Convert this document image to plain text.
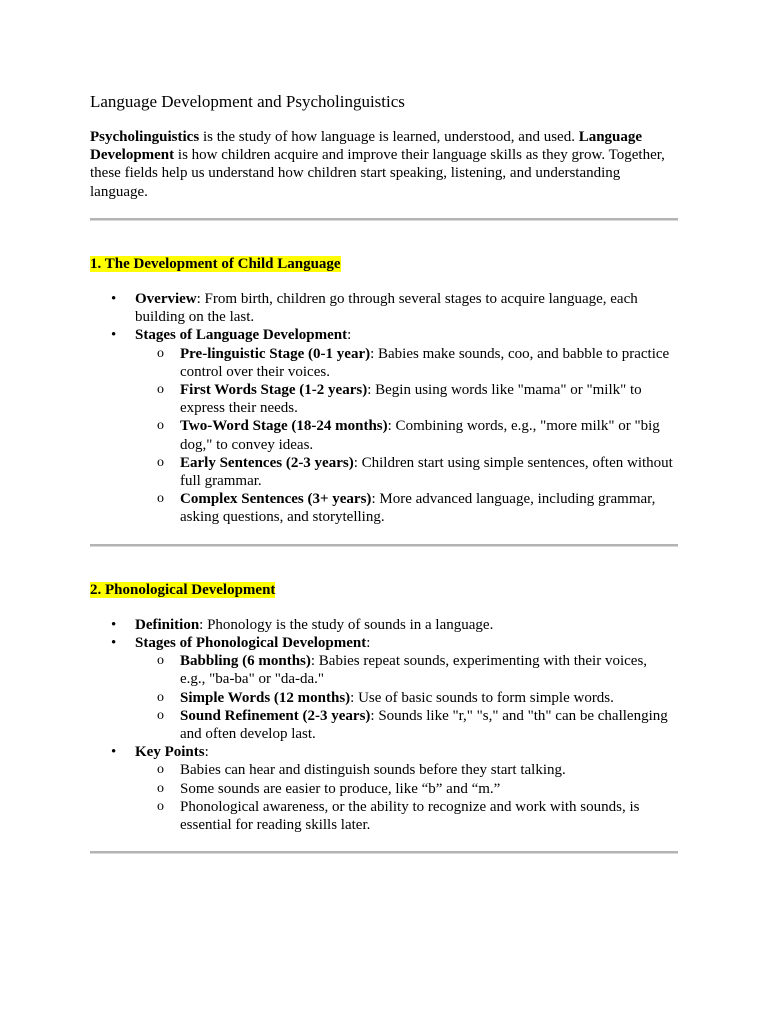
Language Development and Psycholinguistics

Psycholinguistics is the study of how language is learned, understood, and used. Language Development is how children acquire and improve their language skills as they grow. Together, these fields help us understand how children start speaking, listening, and understanding language.

1. The Development of Child Language

• Overview: From birth, children go through several stages to acquire language, each building on the last.
• Stages of Language Development:
o Pre-linguistic Stage (0-1 year): Babies make sounds, coo, and babble to practice control over their voices.
o First Words Stage (1-2 years): Begin using words like "mama" or "milk" to express their needs.
o Two-Word Stage (18-24 months): Combining words, e.g., "more milk" or "big dog," to convey ideas.
o Early Sentences (2-3 years): Children start using simple sentences, often without full grammar.
o Complex Sentences (3+ years): More advanced language, including grammar, asking questions, and storytelling.

2. Phonological Development

• Definition: Phonology is the study of sounds in a language.
• Stages of Phonological Development:
o Babbling (6 months): Babies repeat sounds, experimenting with their voices, e.g., "ba-ba" or "da-da."
o Simple Words (12 months): Use of basic sounds to form simple words.
o Sound Refinement (2-3 years): Sounds like "r," "s," and "th" can be challenging and often develop last.
• Key Points:
o Babies can hear and distinguish sounds before they start talking.
o Some sounds are easier to produce, like “b” and “m.”
o Phonological awareness, or the ability to recognize and work with sounds, is essential for reading skills later.
